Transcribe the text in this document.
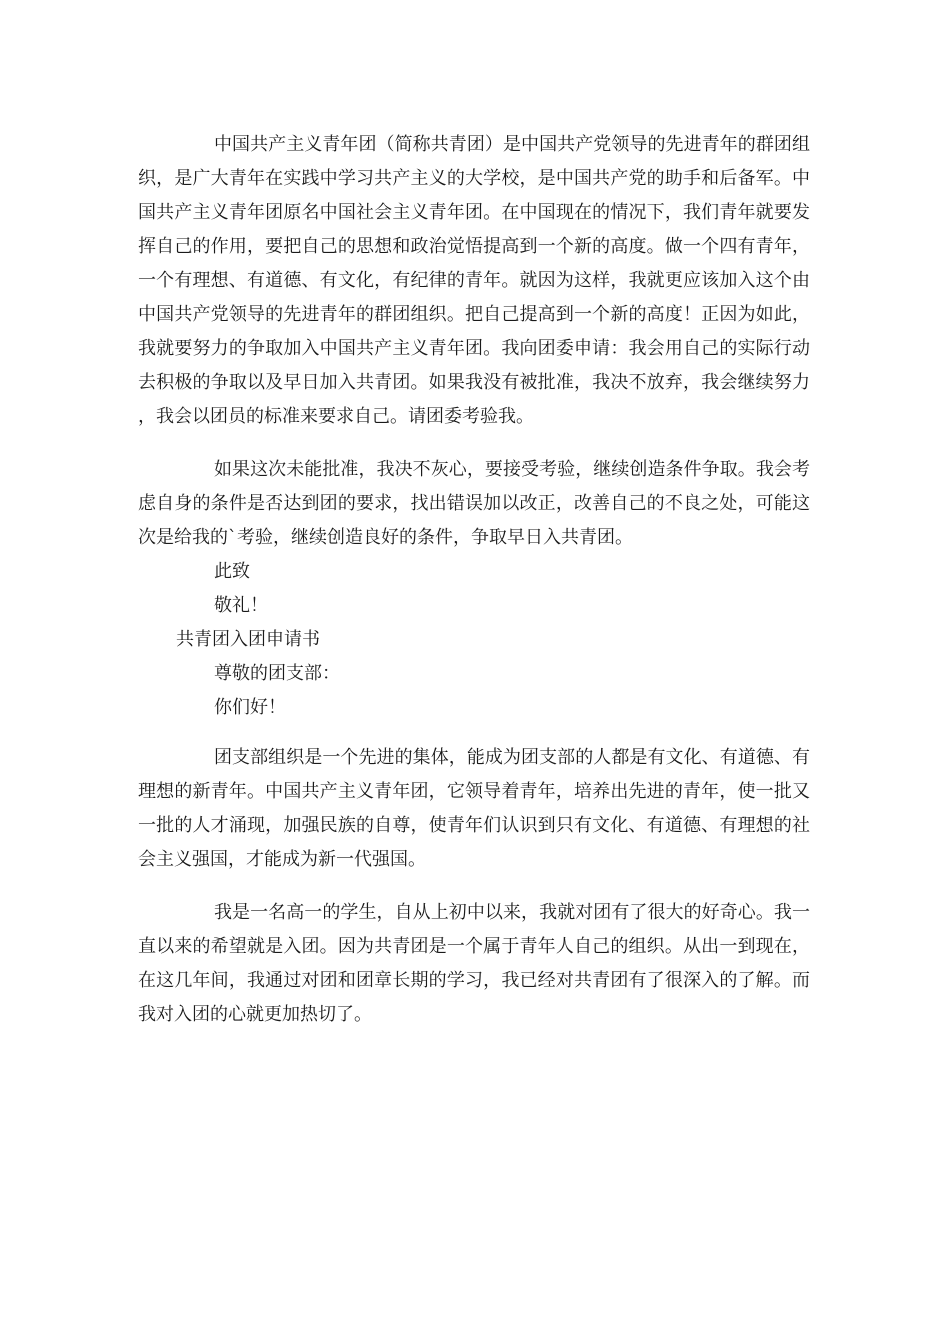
中国共产主义青年团（简称共青团）是中国共产党领导的先进青年的群团组织，是广大青年在实践中学习共产主义的大学校，是中国共产党的助手和后备军。中国共产主义青年团原名中国社会主义青年团。在中国现在的情况下，我们青年就要发挥自己的作用，要把自己的思想和政治觉悟提高到一个新的高度。做一个四有青年，一个有理想、有道德、有文化，有纪律的青年。就因为这样，我就更应该加入这个由中国共产党领导的先进青年的群团组织。把自己提高到一个新的高度！正因为如此，我就要努力的争取加入中国共产主义青年团。我向团委申请：我会用自己的实际行动去积极的争取以及早日加入共青团。如果我没有被批准，我决不放弃，我会继续努力，我会以团员的标准来要求自己。请团委考验我。

如果这次未能批准，我决不灰心，要接受考验，继续创造条件争取。我会考虑自身的条件是否达到团的要求，找出错误加以改正，改善自己的不良之处，可能这次是给我的`考验，继续创造良好的条件，争取早日入共青团。

此致

敬礼！

共青团入团申请书

尊敬的团支部：

你们好！

团支部组织是一个先进的集体，能成为团支部的人都是有文化、有道德、有理想的新青年。中国共产主义青年团，它领导着青年，培养出先进的青年，使一批又一批的人才涌现，加强民族的自尊，使青年们认识到只有文化、有道德、有理想的社会主义强国，才能成为新一代强国。

我是一名高一的学生，自从上初中以来，我就对团有了很大的好奇心。我一直以来的希望就是入团。因为共青团是一个属于青年人自己的组织。从出一到现在，在这几年间，我通过对团和团章长期的学习，我已经对共青团有了很深入的了解。而我对入团的心就更加热切了。
